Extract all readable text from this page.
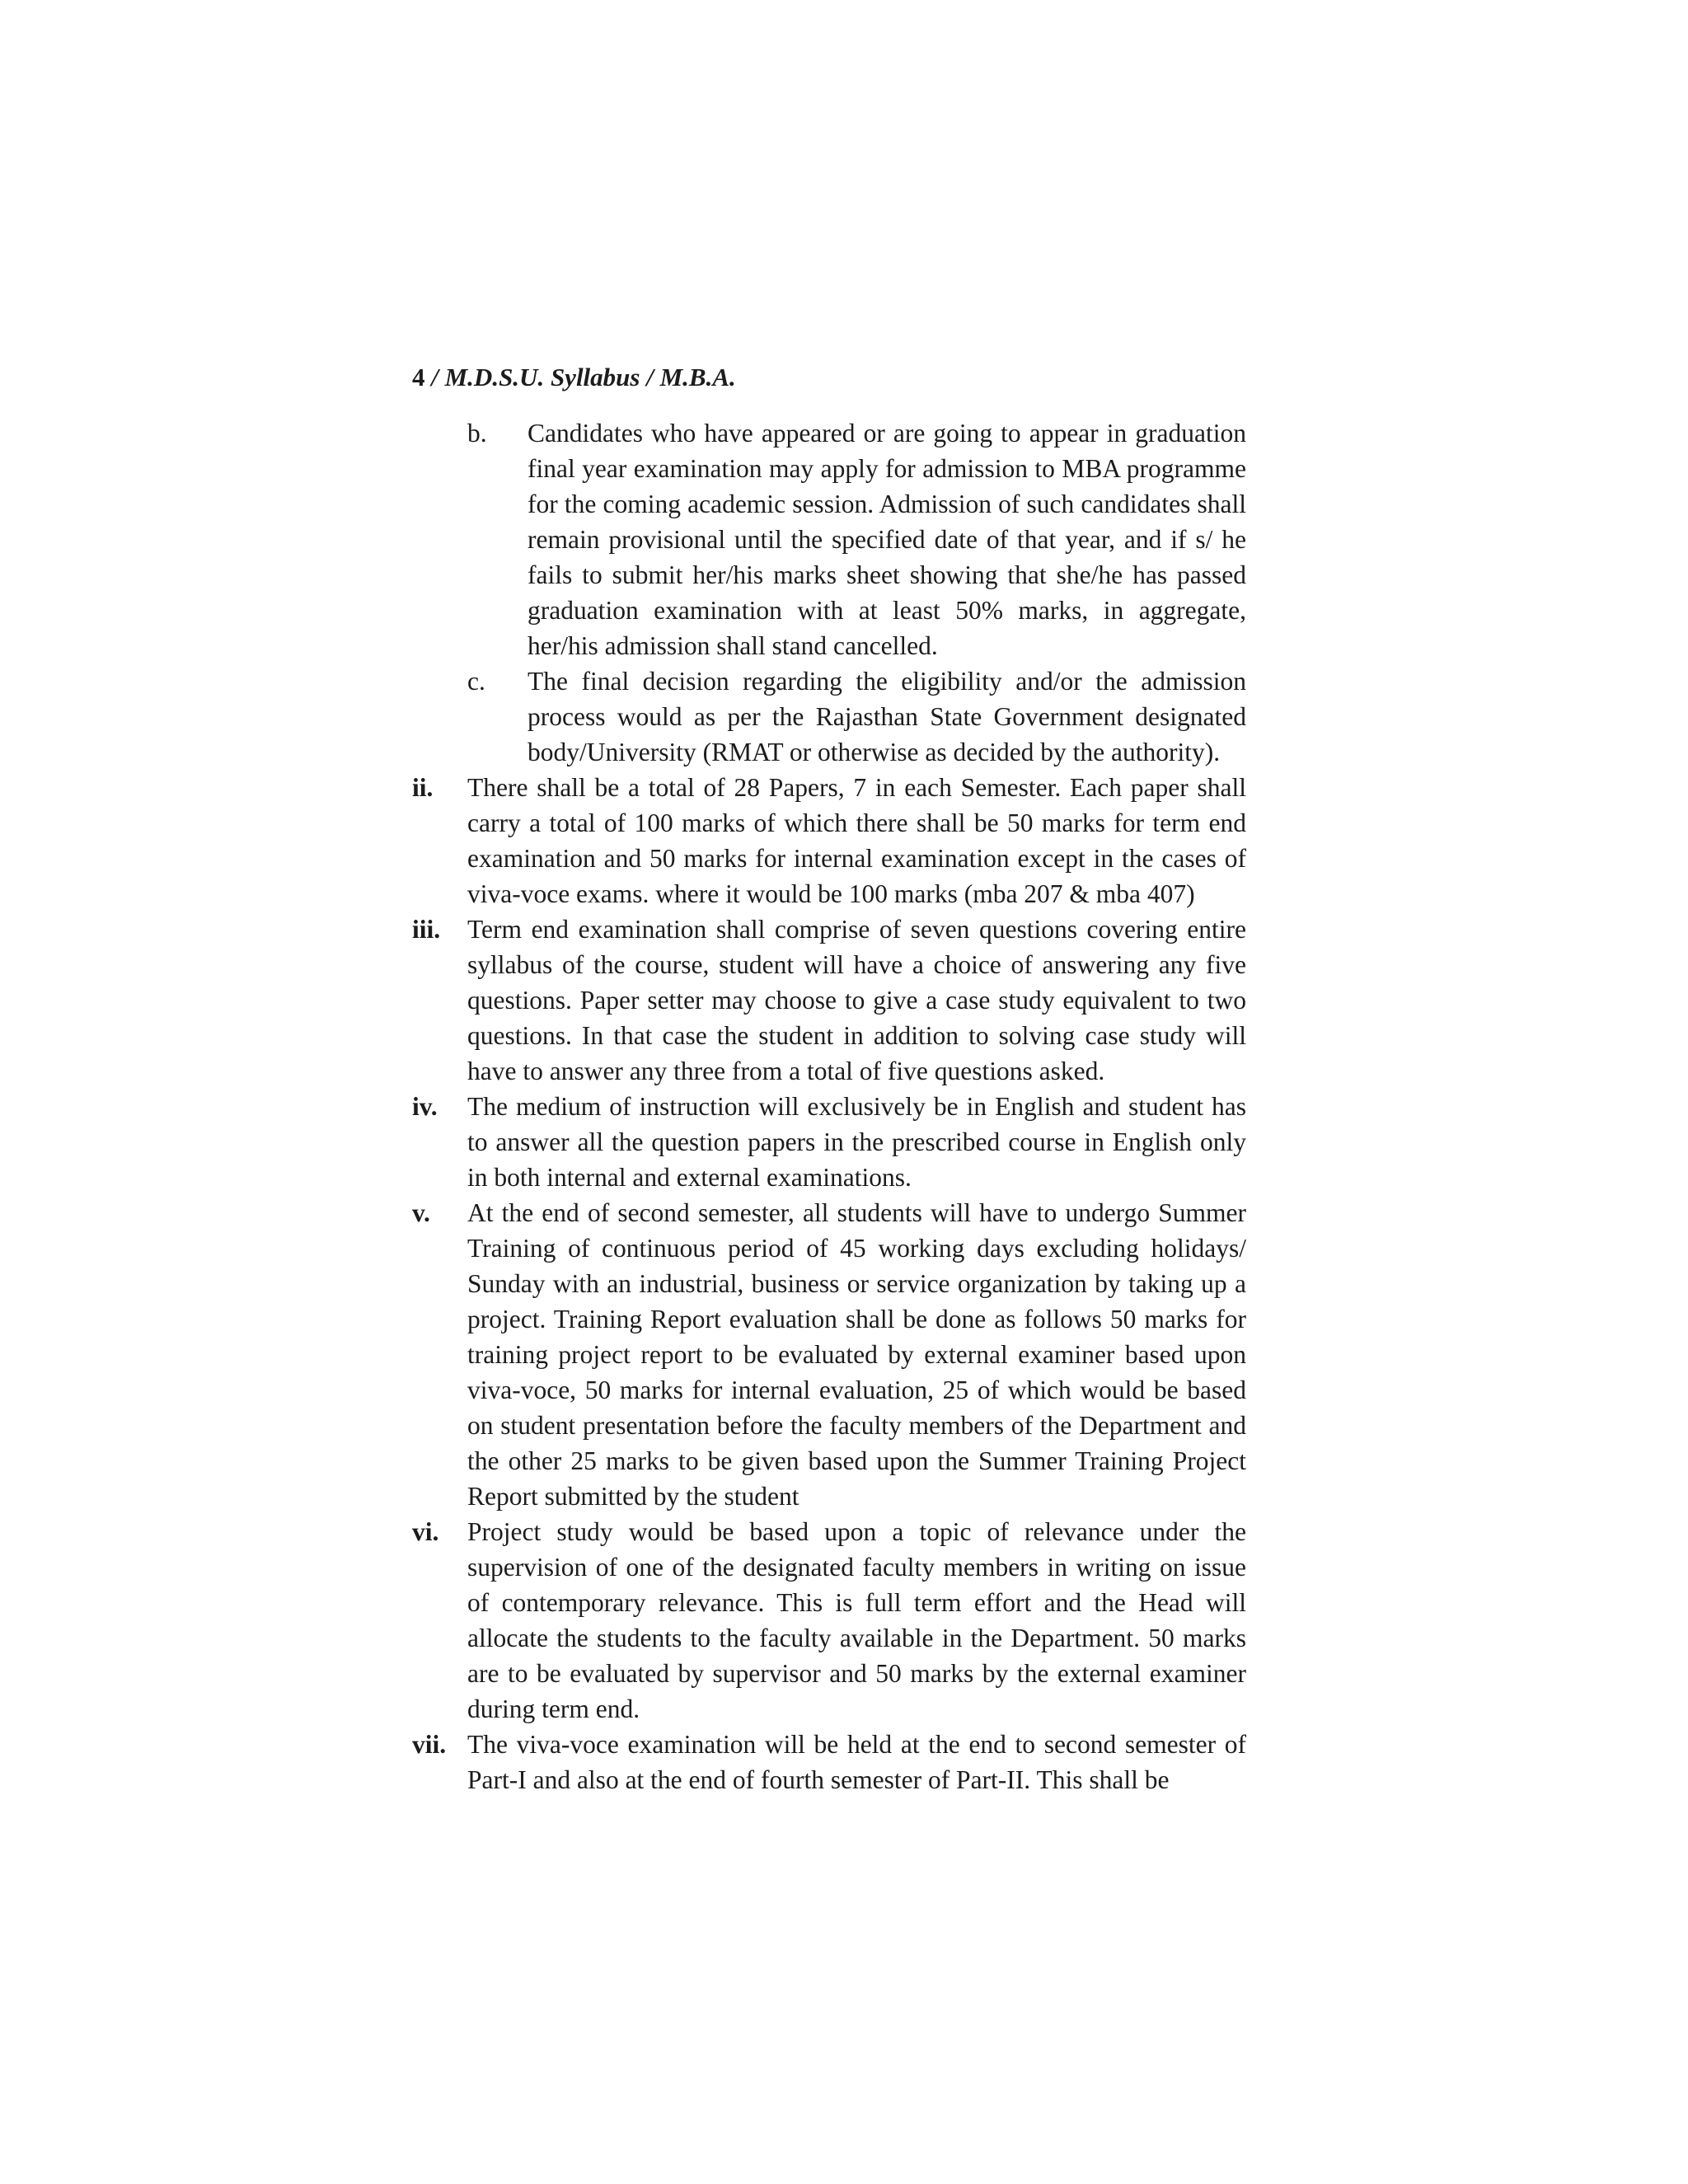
4 / M.D.S.U. Syllabus / M.B.A.
b. Candidates who have appeared or are going to appear in graduation final year examination may apply for admission to MBA programme for the coming academic session. Admission of such candidates shall remain provisional until the specified date of that year, and if s/ he fails to submit her/his marks sheet showing that she/he has passed graduation examination with at least 50% marks, in aggregate, her/his admission shall stand cancelled.
c. The final decision regarding the eligibility and/or the admission process would as per the Rajasthan State Government designated body/University (RMAT or otherwise as decided by the authority).
ii. There shall be a total of 28 Papers, 7 in each Semester. Each paper shall carry a total of 100 marks of which there shall be 50 marks for term end examination and 50 marks for internal examination except in the cases of viva-voce exams. where it would be 100 marks (mba 207 & mba 407)
iii. Term end examination shall comprise of seven questions covering entire syllabus of the course, student will have a choice of answering any five questions. Paper setter may choose to give a case study equivalent to two questions. In that case the student in addition to solving case study will have to answer any three from a total of five questions asked.
iv. The medium of instruction will exclusively be in English and student has to answer all the question papers in the prescribed course in English only in both internal and external examinations.
v. At the end of second semester, all students will have to undergo Summer Training of continuous period of 45 working days excluding holidays/ Sunday with an industrial, business or service organization by taking up a project. Training Report evaluation shall be done as follows 50 marks for training project report to be evaluated by external examiner based upon viva-voce, 50 marks for internal evaluation, 25 of which would be based on student presentation before the faculty members of the Department and the other 25 marks to be given based upon the Summer Training Project Report submitted by the student
vi. Project study would be based upon a topic of relevance under the supervision of one of the designated faculty members in writing on issue of contemporary relevance. This is full term effort and the Head will allocate the students to the faculty available in the Department. 50 marks are to be evaluated by supervisor and 50 marks by the external examiner during term end.
vii. The viva-voce examination will be held at the end to second semester of Part-I and also at the end of fourth semester of Part-II. This shall be
